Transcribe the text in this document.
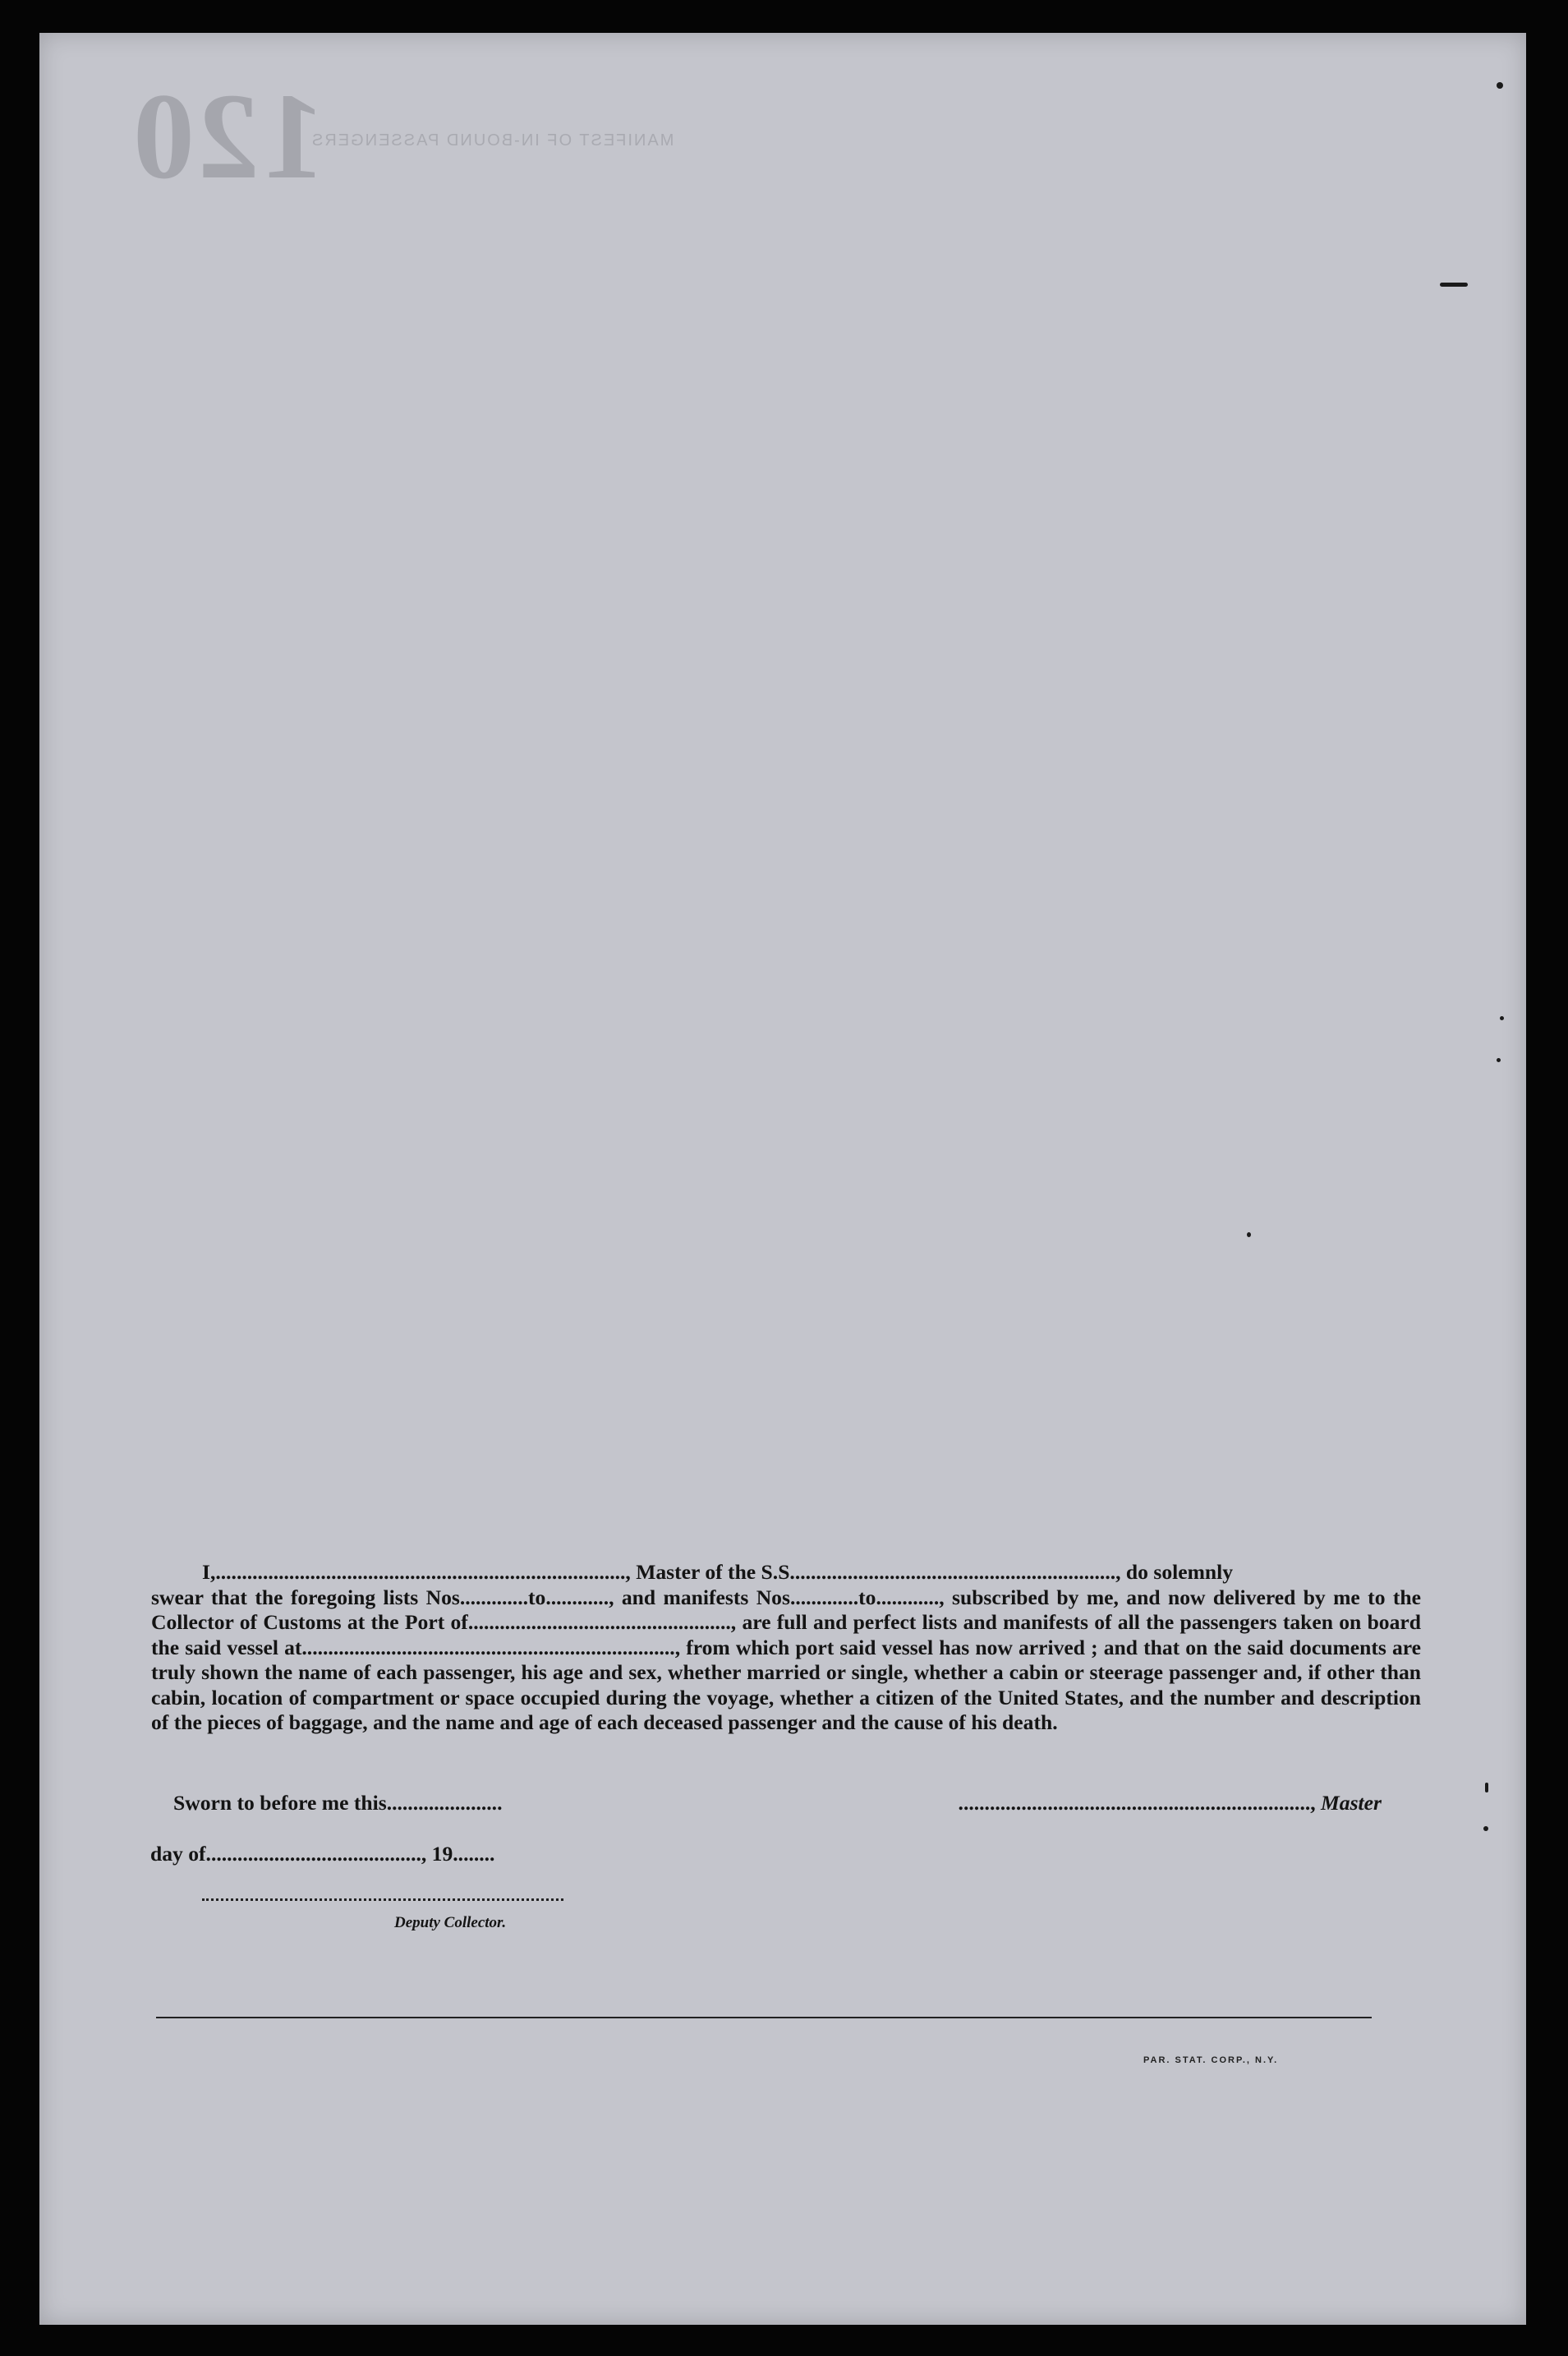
120
MANIFEST OF IN-BOUND PASSENGERS

I,.............................................................................., Master of the S.S.............................................................., do solemnly

swear that the foregoing lists Nos.............to............, and manifests Nos.............to............, subscribed by me, and now delivered by me to the Collector of Customs at the Port of.................................................., are full and perfect lists and manifests of all the passengers taken on board the said vessel at......................................................................., from which port said vessel has now arrived ; and that on the said documents are truly shown the name of each passenger, his age and sex, whether married or single, whether a cabin or steerage passenger and, if other than cabin, location of compartment or space occupied during the voyage, whether a citizen of the United States, and the number and description of the pieces of baggage, and the name and age of each deceased passenger and the cause of his death.

Sworn to before me this......................	..................................................................., Master
day of........................................., 19........
Deputy Collector.
PAR. STAT. CORP., N.Y.
